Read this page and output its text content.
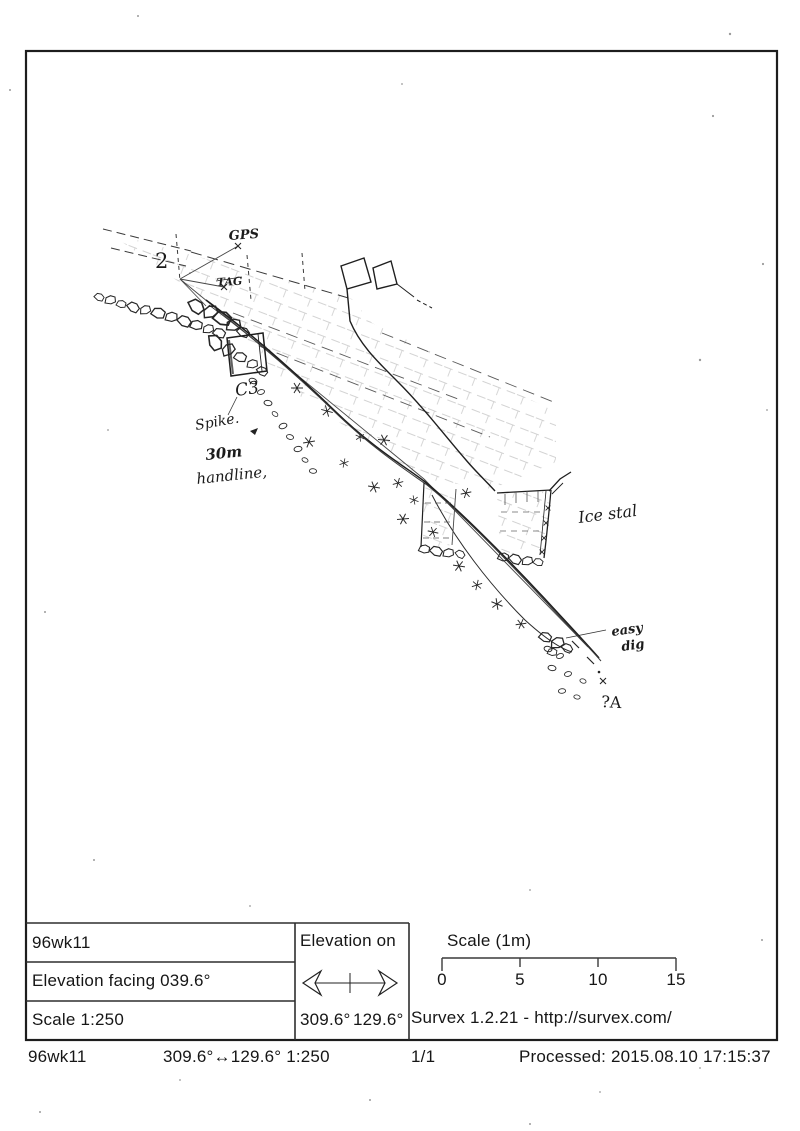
GPS
2
TAG
C3
Spike.
30m
handline,
Ice stal
easy
dig
?A
96wk11
Elevation facing 039.6°
Scale 1:250
Elevation on
309.6° 129.6°
Scale (1m)
0	5	10	15
Survex 1.2.21 - http://survex.com/
96wk11	309.6°↔129.6° 1:250	1/1	Processed: 2015.08.10 17:15:37
